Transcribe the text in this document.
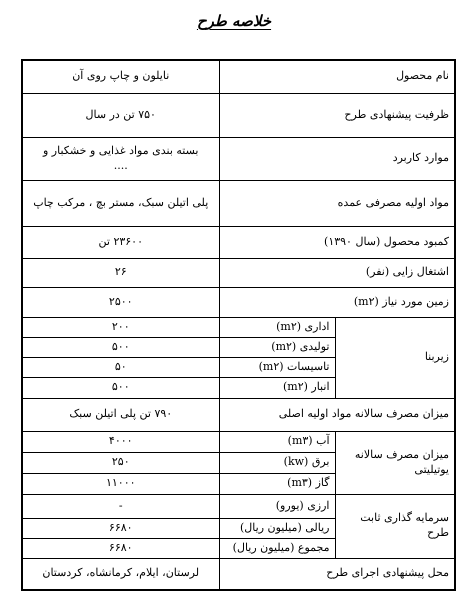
خلاصه طرح
نام محصول		نایلون و چاپ روی آن
ظرفیت پیشنهادی طرح		۷۵۰ تن در سال
موارد کاربرد		بسته بندی مواد غذایی و خشکبار و
....

مواد اولیه مصرفی عمده		پلی اتیلن سبک، مستر بچ ، مرکب چاپ
کمبود محصول (سال ۱۳۹۰)		۲۳۶۰۰ تن
اشتغال زایی (نفر)		۲۶
زمین مورد نیاز (m۲)		۲۵۰۰
زیربنا	اداری (m۲)	۲۰۰
	تولیدی (m۲)	۵۰۰
	تاسیسات (m۲)	۵۰
	انبار (m۲)	۵۰۰
میزان مصرف سالانه مواد اولیه اصلی		۷۹۰ تن پلی اتیلن سبک
میزان مصرف سالانه یوتیلیتی	آب (m۳)	۴۰۰۰
	برق (kw)	۲۵۰
	گاز (m۳)	۱۱۰۰۰
سرمایه گذاری ثابت طرح	ارزی (یورو)	-
	ریالی (میلیون ریال)	۶۶۸۰
	مجموع (میلیون ریال)	۶۶۸۰
محل پیشنهادی اجرای طرح		لرستان، ایلام، کرمانشاه، کردستان
